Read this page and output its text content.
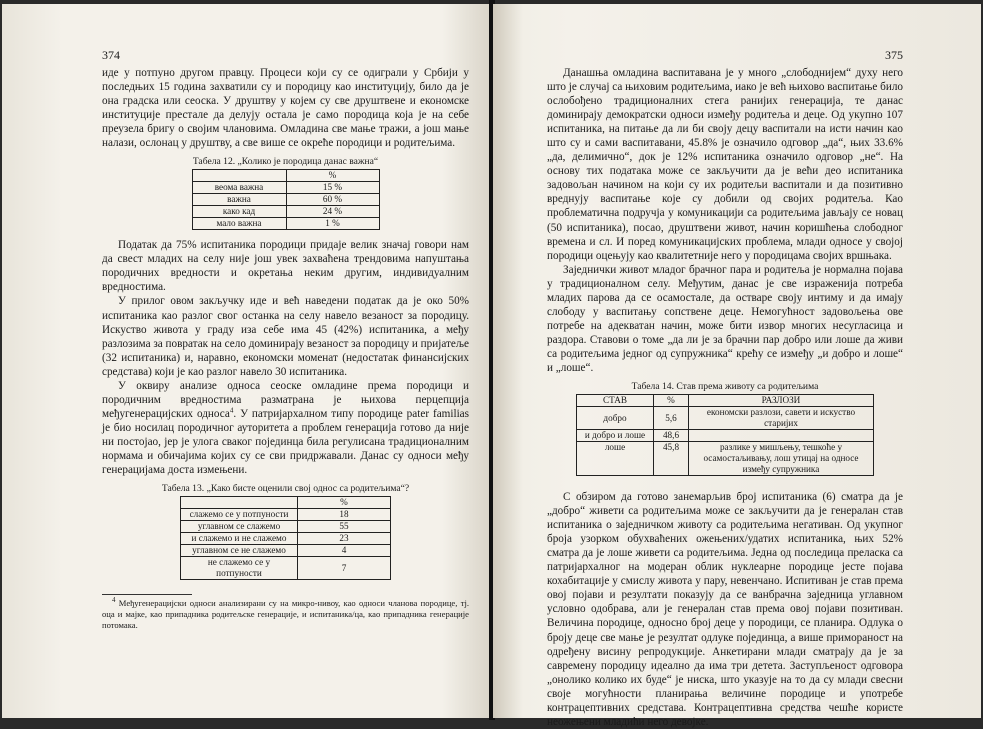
374

иде у потпуно другом правцу. Процеси који су се одиграли у Србији у последњих 15 година захватили су и породицу као институцију, било да је она градска или сеоска. У друштву у којем су све друштвене и економске институције престале да делују остала је само породица која је на себе преузела бригу о својим члановима. Омладина све мање тражи, а још мање налази, ослонац у друштву, а све више се окреће породици и родитељима.

Табела 12. „Колико је породица данас важна“
	%
веома важна	15 %
важна	60 %
како кад	24 %
мало важна	1 %

Податак да 75% испитаника породици придаје велик значај говори нам да свест младих на селу није још увек захваћена трендовима напуштања породичних вредности и окретања неким другим, индивидуалним вредностима.

У прилог овом закључку иде и већ наведени податак да је око 50% испитаника као разлог свог останка на селу навело везаност за породицу. Искуство живота у граду иза себе има 45 (42%) испитаника, а међу разлозима за повратак на село доминирају везаност за породицу и пријатеље (32 испитаника) и, наравно, економски моменат (недостатак финансијских средстава) који је као разлог навело 30 испитаника.

У оквиру анализе односа сеоске омладине према породици и породичним вредностима разматрана је њихова перцепција међугенерацијских односа$^4$. У патријархалном типу породице pater familias је био носилац породичног ауторитета а проблем генерација готово да није ни постојао, јер је улога сваког појединца била регулисана традиционалним нормама и обичајима којих су се сви придржавали. Данас су односи међу генерацијама доста измењени.

Табела 13. „Како бисте оценили свој однос са родитељима“?
	%
слажемо се у потпуности	18
углавном се слажемо	55
и слажемо и не слажемо	23
углавном се не слажемо	4
не слажемо се у потпуности	7

$^4$ Међугенерацијски односи анализирани су на микро-нивоу, као односи чланова породице, тј. оца и мајке, као припадника родитељске генерације, и испитаника/ца, као припадника генерације потомака.

375

Данашња омладина васпитавана је у много „слободнијем“ духу него што је случај са њиховим родитељима, иако је већ њихово васпитање било ослобођено традиционалних стега ранијих генерација, те данас доминирају демократски односи између родитеља и деце. Од укупно 107 испитаника, на питање да ли би своју децу васпитали на исти начин као што су и сами васпитавани, 45.8% је означило одговор „да“, њих 33.6% „да, делимично“, док је 12% испитаника означило одговор „не“. На основу тих података може се закључити да је већи део испитаника задовољан начином на који су их родитељи васпитали и да позитивно вреднују васпитање које су добили од својих родитеља. Као проблематична подручја у комуникацији са родитељима јављају се новац (50 испитаника), посао, друштвени живот, начин коришћења слободног времена и сл. И поред комуникацијских проблема, млади односе у својој породици оцењују као квалитетније него у породицама својих вршњака.

Заједнички живот младог брачног пара и родитеља је нормална појава у традиционалном селу. Међутим, данас је све израженија потреба младих парова да се осамостале, да остваре своју интиму и да имају слободу у васпитању сопствене деце. Немогућност задовољења ове потребе на адекватан начин, може бити извор многих несугласица и раздора. Ставови о томе „да ли је за брачни пар добро или лоше да живи са родитељима једног од супружника“ крећу се између „и добро и лоше“ и „лоше“.

Табела 14. Став према животу са родитељима
СТАВ	%	РАЗЛОЗИ
добро	5,6	економски разлози, савети и искуство старијих
и добро и лоше	48,6	
лоше	45,8	разлике у мишљењу, тешкоће у осамостаљивању, лош утицај на односе између супружника

С обзиром да готово занемарљив број испитаника (6) сматра да је „добро“ живети са родитељима може се закључити да је генералан став испитаника о заједничком животу са родитељима негативан. Од укупног броја узорком обухваћених ожењених/удатих испитаника, њих 52% сматра да је лоше живети са родитељима. Једна од последица преласка са патријархалног на модеран облик нуклеарне породице јесте појава кохабитације у смислу живота у пару, невенчано. Испитиван је став према овој појави и резултати показују да се ванбрачна заједница углавном условно одобрава, али је генералан став према овој појави позитиван. Величина породице, односно број деце у породици, се планира. Одлука о броју деце све мање је резултат одлуке појединца, а више примораност на одређену висину репродукције. Анкетирани млади сматрају да је за савремену породицу идеално да има три детета. Заступљеност одговора „онолико колико их буде“ је ниска, што указује на то да су млади свесни своје могућности планирања величине породице и употребе контрацептивних средстава. Контрацептивна средства чешће користе неожењени младићи него девојке.
